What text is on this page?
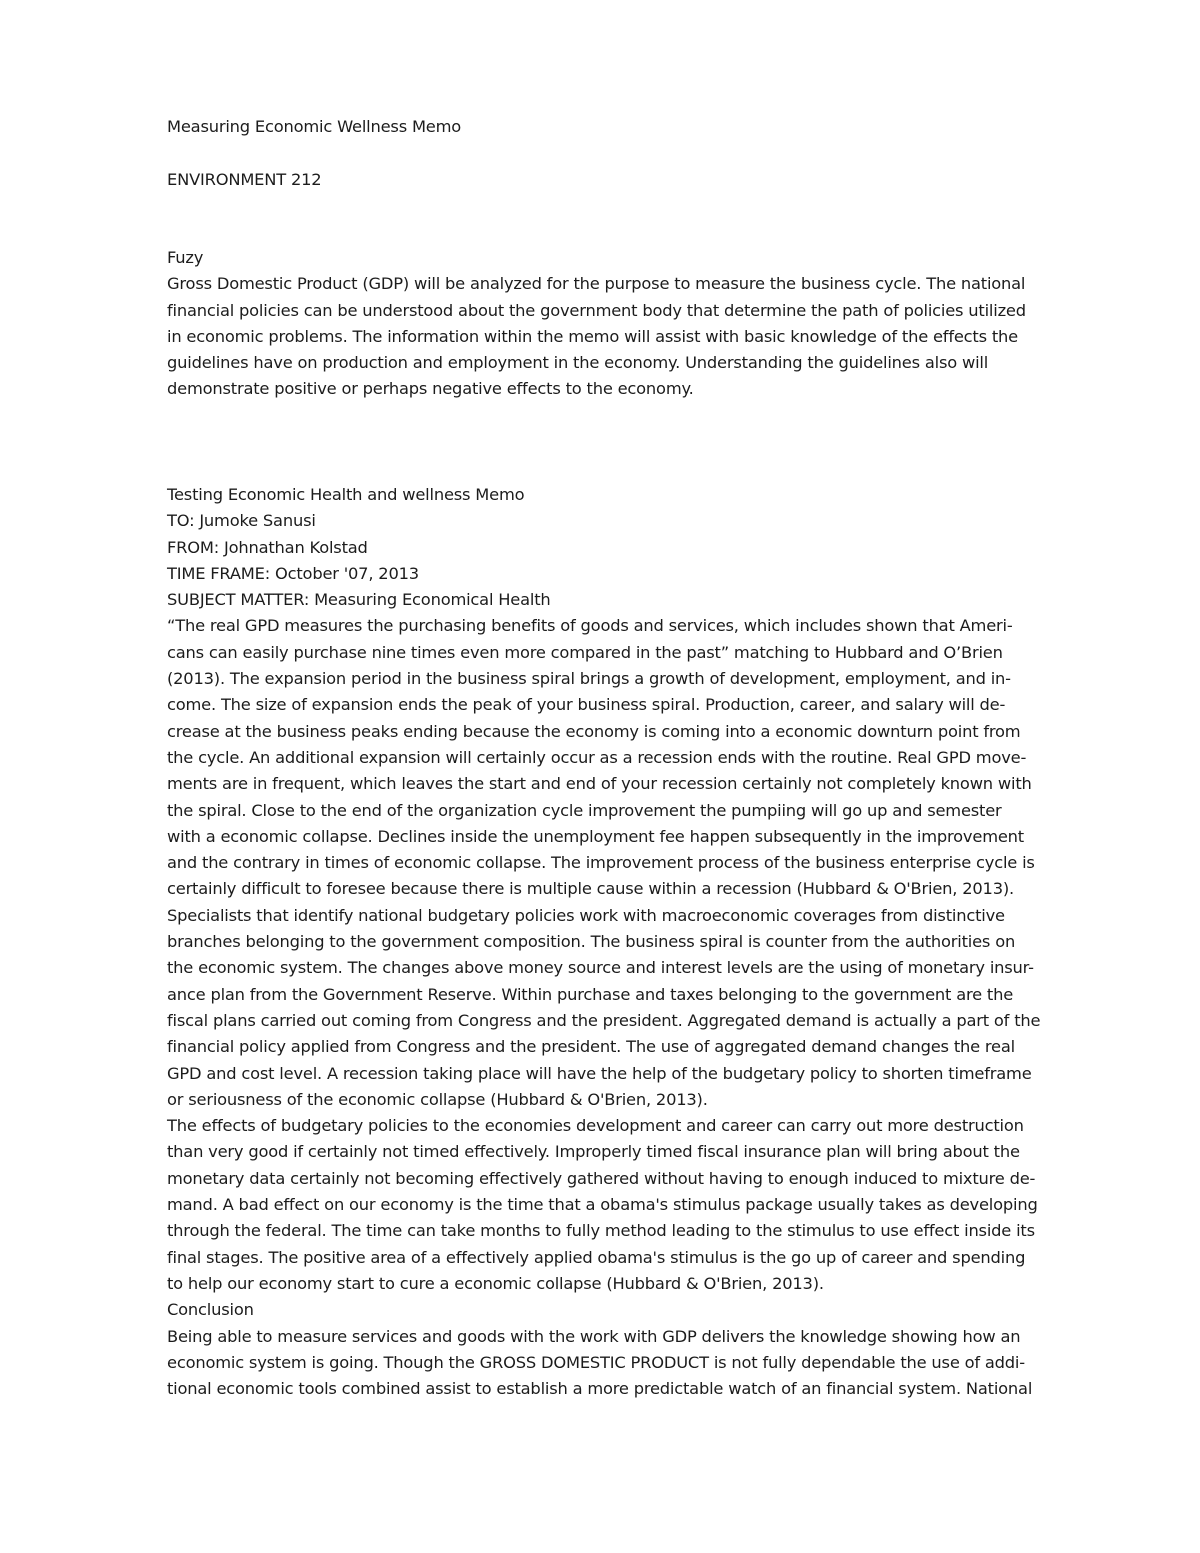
Measuring Economic Wellness Memo
ENVIRONMENT 212
Fuzy
Gross Domestic Product (GDP) will be analyzed for the purpose to measure the business cycle. The national
financial policies can be understood about the government body that determine the path of policies utilized
in economic problems. The information within the memo will assist with basic knowledge of the effects the
guidelines have on production and employment in the economy. Understanding the guidelines also will
demonstrate positive or perhaps negative effects to the economy.
Testing Economic Health and wellness Memo
TO: Jumoke Sanusi
FROM: Johnathan Kolstad
TIME FRAME: October '07, 2013
SUBJECT MATTER: Measuring Economical Health
“The real GPD measures the purchasing benefits of goods and services, which includes shown that Ameri-
cans can easily purchase nine times even more compared in the past” matching to Hubbard and O’Brien
(2013). The expansion period in the business spiral brings a growth of development, employment, and in-
come. The size of expansion ends the peak of your business spiral. Production, career, and salary will de-
crease at the business peaks ending because the economy is coming into a economic downturn point from
the cycle. An additional expansion will certainly occur as a recession ends with the routine. Real GPD move-
ments are in frequent, which leaves the start and end of your recession certainly not completely known with
the spiral. Close to the end of the organization cycle improvement the pumpiing will go up and semester
with a economic collapse. Declines inside the unemployment fee happen subsequently in the improvement
and the contrary in times of economic collapse. The improvement process of the business enterprise cycle is
certainly difficult to foresee because there is multiple cause within a recession (Hubbard & O'Brien, 2013).
Specialists that identify national budgetary policies work with macroeconomic coverages from distinctive
branches belonging to the government composition. The business spiral is counter from the authorities on
the economic system. The changes above money source and interest levels are the using of monetary insur-
ance plan from the Government Reserve. Within purchase and taxes belonging to the government are the
fiscal plans carried out coming from Congress and the president. Aggregated demand is actually a part of the
financial policy applied from Congress and the president. The use of aggregated demand changes the real
GPD and cost level. A recession taking place will have the help of the budgetary policy to shorten timeframe
or seriousness of the economic collapse (Hubbard & O'Brien, 2013).
The effects of budgetary policies to the economies development and career can carry out more destruction
than very good if certainly not timed effectively. Improperly timed fiscal insurance plan will bring about the
monetary data certainly not becoming effectively gathered without having to enough induced to mixture de-
mand. A bad effect on our economy is the time that a obama's stimulus package usually takes as developing
through the federal. The time can take months to fully method leading to the stimulus to use effect inside its
final stages. The positive area of a effectively applied obama's stimulus is the go up of career and spending
to help our economy start to cure a economic collapse (Hubbard & O'Brien, 2013).
Conclusion
Being able to measure services and goods with the work with GDP delivers the knowledge showing how an
economic system is going. Though the GROSS DOMESTIC PRODUCT is not fully dependable the use of addi-
tional economic tools combined assist to establish a more predictable watch of an financial system. National
